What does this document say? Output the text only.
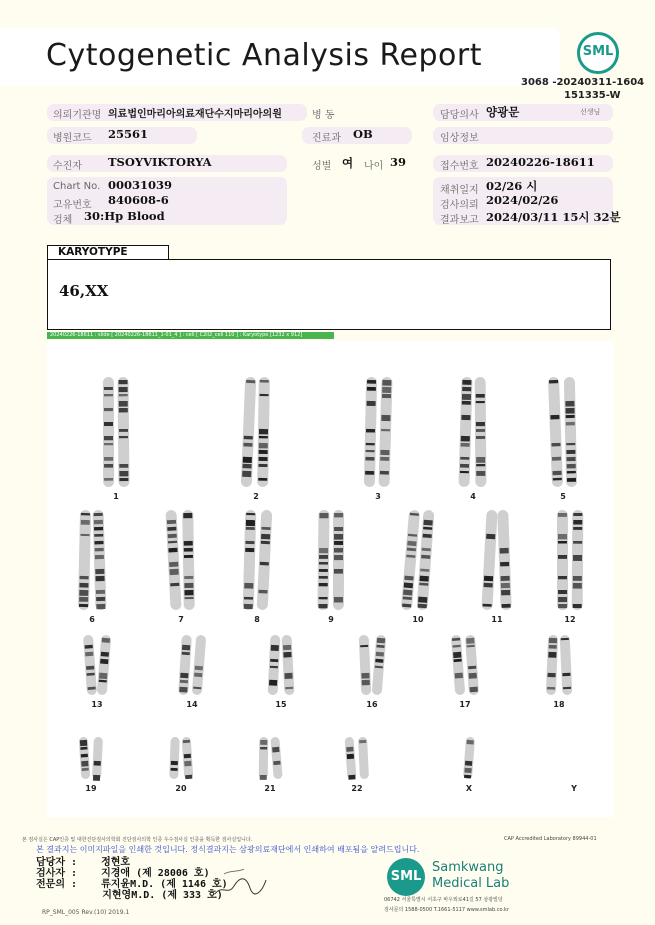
Cytogenetic Analysis Report	SML
3068 -20240311-1604
151335-W
의뢰기관명 의료법인마리아의료재단수지마리아의원	병 동	담당의사 양광문	선생님
병원코드 25561	진료과 OB	임상정보
수진자 TSOYVIKTORYA	성별 여 나이 39	접수번호 20240226-18611
Chart No. 00031039
고유번호 840608-6
검체 30:Hp Blood
채취일지 02/26 시
검사의뢰 2024/02/26
결과보고 2024/03/11 15시 32분
KARYOTYPE
46,XX
20240226-18611 : slide [ 20240226-18611_1-01_4 ] : cell [ C2ii2_cell 110 ] : Karyotype [1232 x 912]
1	2	3	4	5
6	7	8	9	10	11	12
13	14	15	16	17	18
19	20	21	22	X	Y
본 검사실은 CAP인증 및 대한진단검사의학회 진단검사의학 인증 우수검사실 인증을 획득한 검사실입니다.	CAP Accredited Laboratory 89944-01
본 결과지는 이미지파일을 인쇄한 것입니다. 정식결과지는 삼광의료재단에서 인쇄하여 배포됨을 알려드립니다.
담당자 :    정현호
검사자 :    지경애 (제 28006 호)
전문의 :    류지윤M.D. (제 1146 호)
지현영M.D. (제 333 호)
SML
Samkwang
Medical Lab
06742 서울특별시 서초구 바우뫼로41길 57 삼광빌딩
검사문의 1588-0500 T.1661-5117 www.smlab.co.kr
RP_SML_005 Rev.(10) 2019.1
